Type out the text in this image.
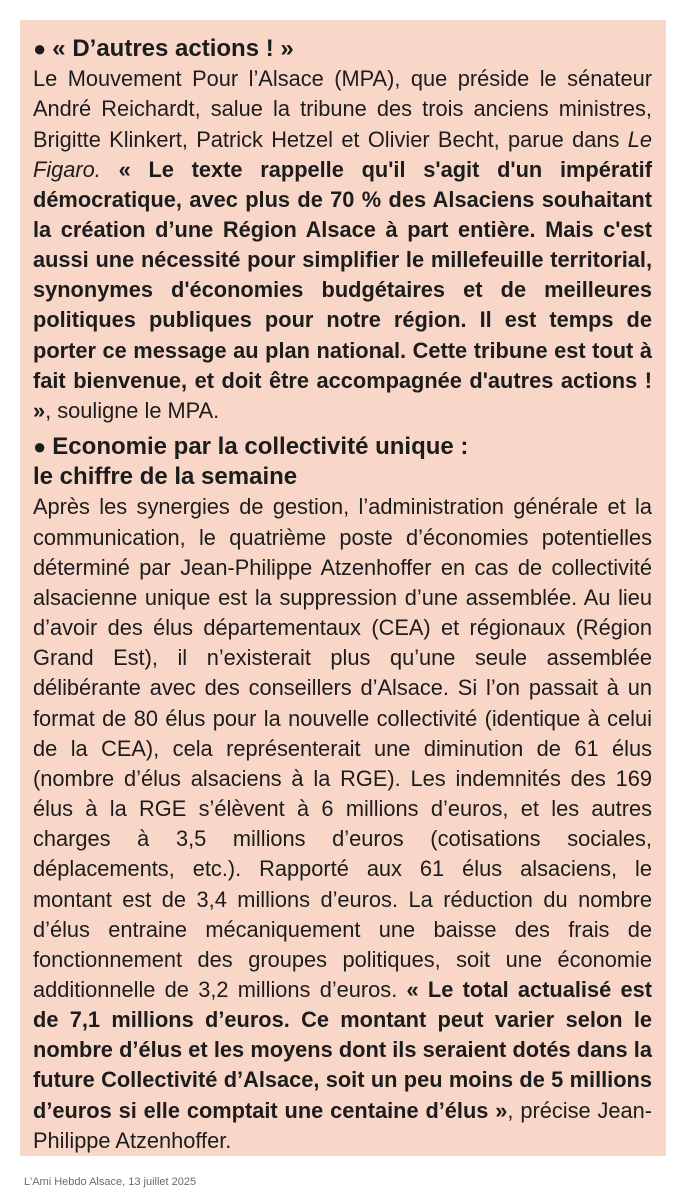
● « D’autres actions ! »

Le Mouvement Pour l’Alsace (MPA), que préside le sénateur André Reichardt, salue la tribune des trois anciens ministres, Brigitte Klinkert, Patrick Hetzel et Olivier Becht, parue dans Le Figaro. « Le texte rappelle qu'il s'agit d'un impératif démocratique, avec plus de 70 % des Alsaciens souhaitant la création d’une Région Alsace à part entière. Mais c'est aussi une nécessité pour simplifier le millefeuille territorial, synonymes d'économies budgétaires et de meilleures politiques publiques pour notre région. Il est temps de porter ce message au plan national. Cette tribune est tout à fait bienvenue, et doit être accompagnée d'autres actions ! », souligne le MPA.

● Economie par la collectivité unique :
le chiffre de la semaine

Après les synergies de gestion, l’administration générale et la communication, le quatrième poste d’économies potentielles déterminé par Jean-Philippe Atzenhoffer en cas de collectivité alsacienne unique est la suppression d’une assemblée. Au lieu d’avoir des élus départementaux (CEA) et régionaux (Région Grand Est), il n’existerait plus qu’une seule assemblée délibérante avec des conseillers d’Alsace. Si l’on passait à un format de 80 élus pour la nouvelle collectivité (identique à celui de la CEA), cela représenterait une diminution de 61 élus (nombre d’élus alsaciens à la RGE). Les indemnités des 169 élus à la RGE s’élèvent à 6 millions d’euros, et les autres charges à 3,5 millions d’euros (cotisations sociales, déplacements, etc.). Rapporté aux 61 élus alsaciens, le montant est de 3,4 millions d’euros. La réduction du nombre d’élus entraine mécaniquement une baisse des frais de fonctionnement des groupes politiques, soit une économie additionnelle de 3,2 millions d’euros. « Le total actualisé est de 7,1 millions d’euros. Ce montant peut varier selon le nombre d’élus et les moyens dont ils seraient dotés dans la future Collectivité d’Alsace, soit un peu moins de 5 millions d’euros si elle comptait une centaine d’élus », précise Jean-Philippe Atzenhoffer.

L'Ami Hebdo Alsace, 13 juillet 2025
